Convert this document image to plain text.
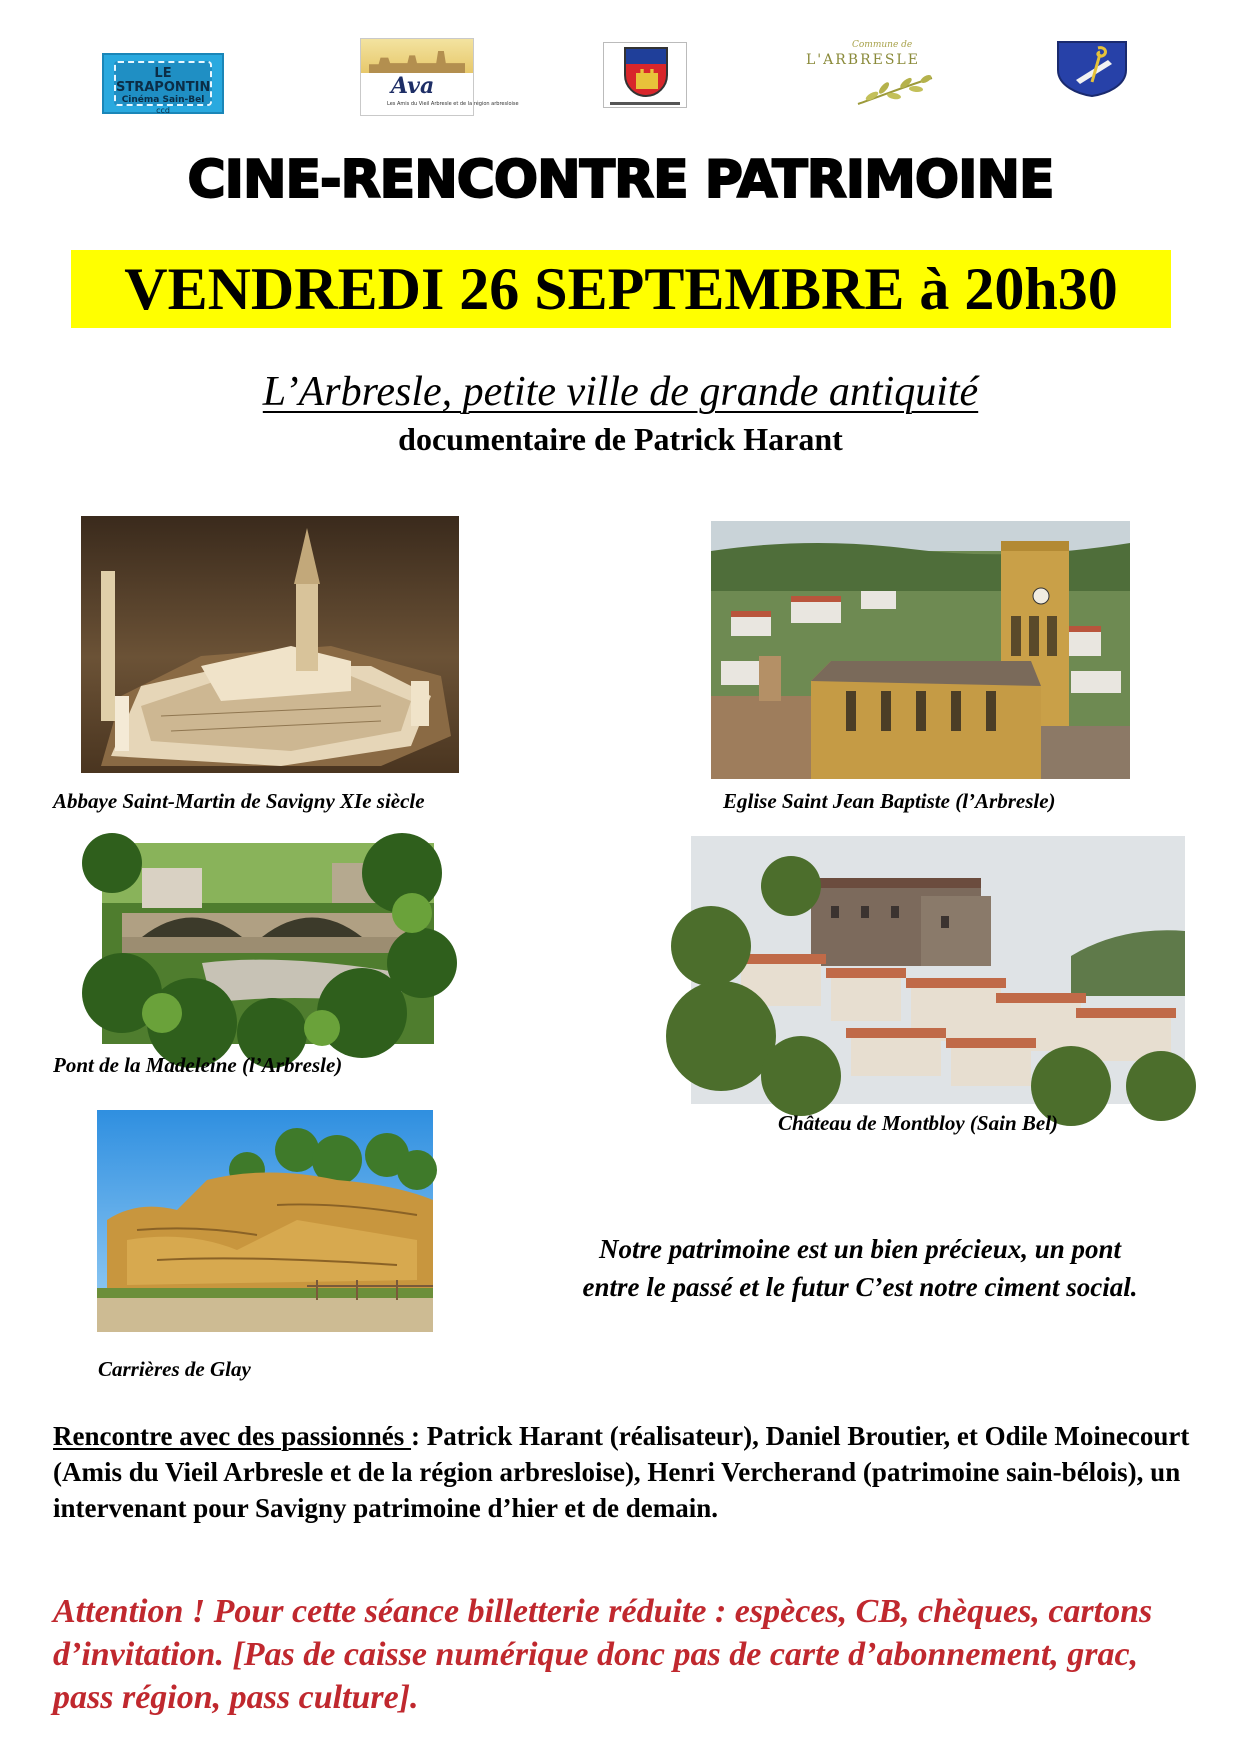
LE STRAPONTIN
Cinéma Sain-Bel
ccd
Ava
Les Amis du Vieil Arbresle et de la région arbresloise
Commune de
L'ARBRESLE
CINE-RENCONTRE PATRIMOINE
VENDREDI 26 SEPTEMBRE à 20h30
L’Arbresle, petite ville de grande antiquité
documentaire de Patrick Harant
Abbaye Saint-Martin de Savigny XIe siècle	Eglise Saint Jean Baptiste (l’Arbresle)
Pont de la Madeleine (l’Arbresle)
Château de Montbloy (Sain Bel)
Carrières de Glay
Notre patrimoine est un bien précieux, un pont
entre le passé et le futur C’est notre ciment social.
Rencontre avec des passionnés : Patrick Harant (réalisateur), Daniel Broutier, et Odile Moinecourt (Amis du Vieil Arbresle et de la région arbresloise), Henri Vercherand (patrimoine sain-bélois), un intervenant pour Savigny patrimoine d’hier et de demain.
Attention ! Pour cette séance billetterie réduite : espèces, CB, chèques, cartons d’invitation. [Pas de caisse numérique donc pas de carte d’abonnement, grac, pass région, pass culture].
